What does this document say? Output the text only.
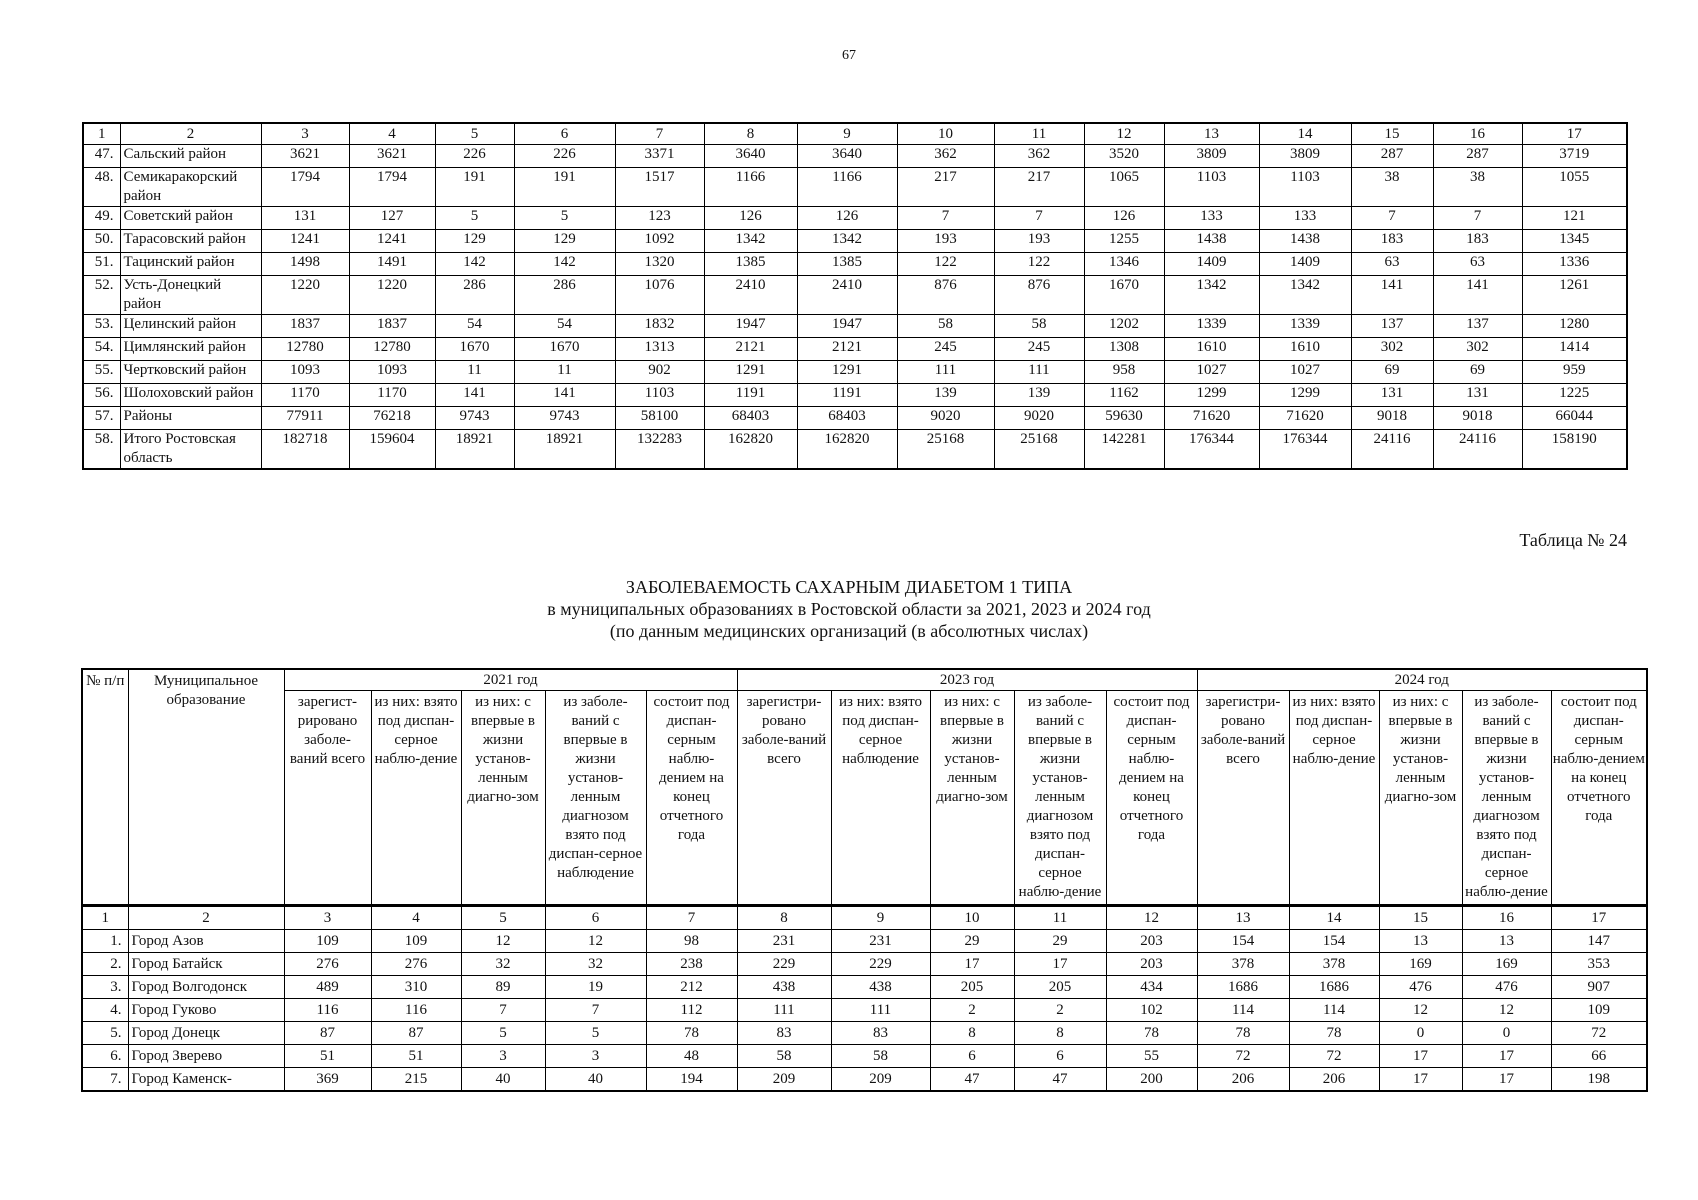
67
1	2	3	4	5	6	7	8	9	10	11	12	13	14	15	16	17
47.	Сальский район	3621	3621	226	226	3371	3640	3640	362	362	3520	3809	3809	287	287	3719
48.	Семикаракорский район	1794	1794	191	191	1517	1166	1166	217	217	1065	1103	1103	38	38	1055
49.	Советский район	131	127	5	5	123	126	126	7	7	126	133	133	7	7	121
50.	Тарасовский район	1241	1241	129	129	1092	1342	1342	193	193	1255	1438	1438	183	183	1345
51.	Тацинский район	1498	1491	142	142	1320	1385	1385	122	122	1346	1409	1409	63	63	1336
52.	Усть-Донецкий район	1220	1220	286	286	1076	2410	2410	876	876	1670	1342	1342	141	141	1261
53.	Целинский район	1837	1837	54	54	1832	1947	1947	58	58	1202	1339	1339	137	137	1280
54.	Цимлянский район	12780	12780	1670	1670	1313	2121	2121	245	245	1308	1610	1610	302	302	1414
55.	Чертковский район	1093	1093	11	11	902	1291	1291	111	111	958	1027	1027	69	69	959
56.	Шолоховский район	1170	1170	141	141	1103	1191	1191	139	139	1162	1299	1299	131	131	1225
57.	Районы	77911	76218	9743	9743	58100	68403	68403	9020	9020	59630	71620	71620	9018	9018	66044
58.	Итого Ростовская область	182718	159604	18921	18921	132283	162820	162820	25168	25168	142281	176344	176344	24116	24116	158190
Таблица № 24
ЗАБОЛЕВАЕМОСТЬ САХАРНЫМ ДИАБЕТОМ 1 ТИПА
в муниципальных образованиях в Ростовской области за 2021, 2023 и 2024 год
(по данным медицинских организаций (в абсолютных числах)
№ п/п	Муниципальное образование	2021 год					2023 год					2024 год				
		зарегист-рировано заболе-ваний всего	из них: взято под диспан-серное наблю-дение	из них: с впервые в жизни установ-ленным диагно-зом	из заболе-ваний с впервые в жизни установ-ленным диагнозом взято под диспан-серное наблюдение	состоит под диспан-серным наблю-дением на конец отчетного года	зарегистри-ровано заболе-ваний всего	из них: взято под диспан-серное наблюдение	из них: с впервые в жизни установ-ленным диагно-зом	из заболе-ваний с впервые в жизни установ-ленным диагнозом взято под диспан-серное наблю-дение	состоит под диспан-серным наблю-дением на конец отчетного года	зарегистри-ровано заболе-ваний всего	из них: взято под диспан-серное наблю-дение	из них: с впервые в жизни установ-ленным диагно-зом	из заболе-ваний с впервые в жизни установ-ленным диагнозом взято под диспан-серное наблю-дение	состоит под диспан-серным наблю-дением на конец отчетного года
1	2	3	4	5	6	7	8	9	10	11	12	13	14	15	16	17
1.	Город Азов	109	109	12	12	98	231	231	29	29	203	154	154	13	13	147
2.	Город Батайск	276	276	32	32	238	229	229	17	17	203	378	378	169	169	353
3.	Город Волгодонск	489	310	89	19	212	438	438	205	205	434	1686	1686	476	476	907
4.	Город Гуково	116	116	7	7	112	111	111	2	2	102	114	114	12	12	109
5.	Город Донецк	87	87	5	5	78	83	83	8	8	78	78	78	0	0	72
6.	Город Зверево	51	51	3	3	48	58	58	6	6	55	72	72	17	17	66
7.	Город Каменск-	369	215	40	40	194	209	209	47	47	200	206	206	17	17	198
